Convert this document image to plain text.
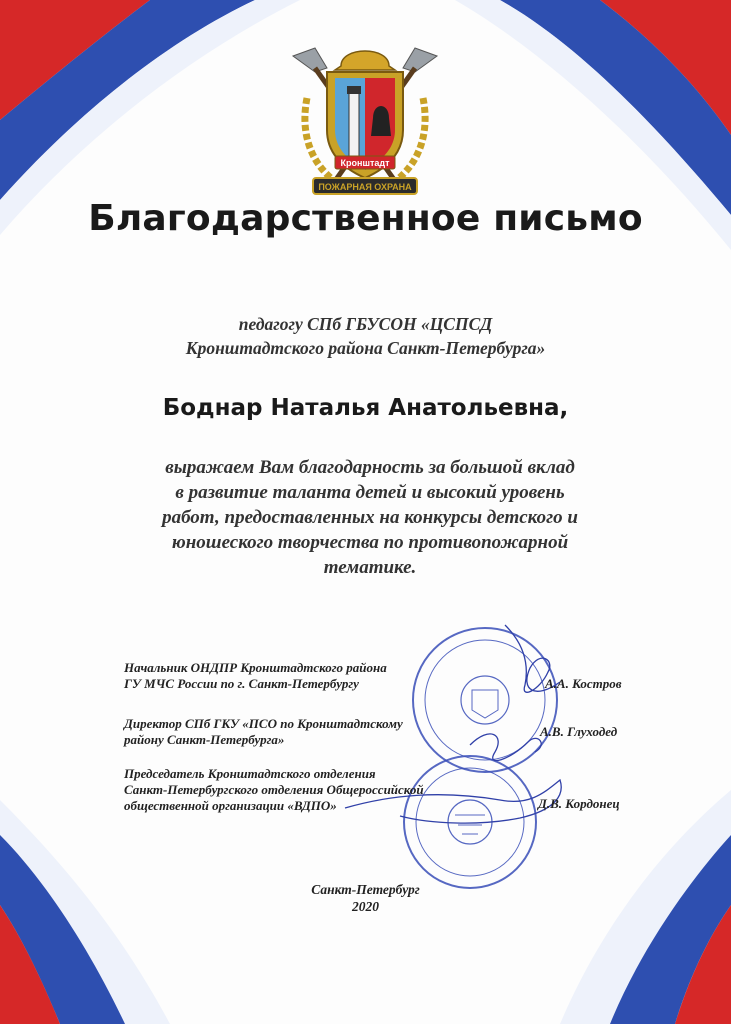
Кронштадт
ПОЖАРНАЯ ОХРАНА
Благодарственное письмо
педагогу СПб ГБУСОН «ЦСПСД
Кронштадтского района Санкт-Петербурга»
Боднар Наталья Анатольевна,
выражаем Вам благодарность за большой вклад
в развитие таланта детей и высокий уровень
работ, предоставленных на конкурсы детского и
юношеского творчества по противопожарной
тематике.
Начальник ОНДПР Кронштадтского района
ГУ МЧС России по г. Санкт-Петербургу	А.А. Костров
Директор СПб ГКУ «ПСО по Кронштадтскому
району Санкт-Петербурга»
А.В. Глуходед
Председатель Кронштадтского отделения
Санкт-Петербургского отделения Общероссийской
общественной организации «ВДПО»	Д.В. Кордонец
Санкт-Петербург
2020
